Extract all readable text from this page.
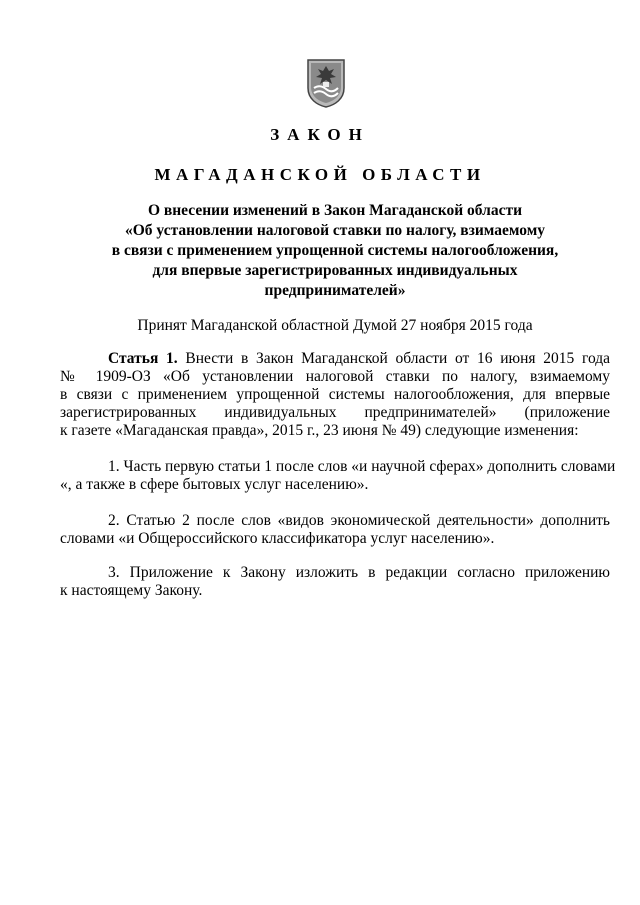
ЗАКОН
МАГАДАНСКОЙ ОБЛАСТИ
О внесении изменений в Закон Магаданской области
«Об установлении налоговой ставки по налогу, взимаемому
в связи с применением упрощенной системы налогообложения,
для впервые зарегистрированных индивидуальных
предпринимателей»
Принят Магаданской областной Думой 27 ноября 2015 года
Статья 1. Внести в Закон Магаданской области от 16 июня 2015 года
№ 1909-ОЗ «Об установлении налоговой ставки по налогу, взимаемому
в связи с применением упрощенной системы налогообложения, для впервые
зарегистрированных индивидуальных предпринимателей» (приложение
к газете «Магаданская правда», 2015 г., 23 июня № 49) следующие изменения:
1. Часть первую статьи 1 после слов «и научной сферах» дополнить словами
«, а также в сфере бытовых услуг населению».
2. Статью 2 после слов «видов экономической деятельности» дополнить
словами «и Общероссийского классификатора услуг населению».
3. Приложение к Закону изложить в редакции согласно приложению
к настоящему Закону.
